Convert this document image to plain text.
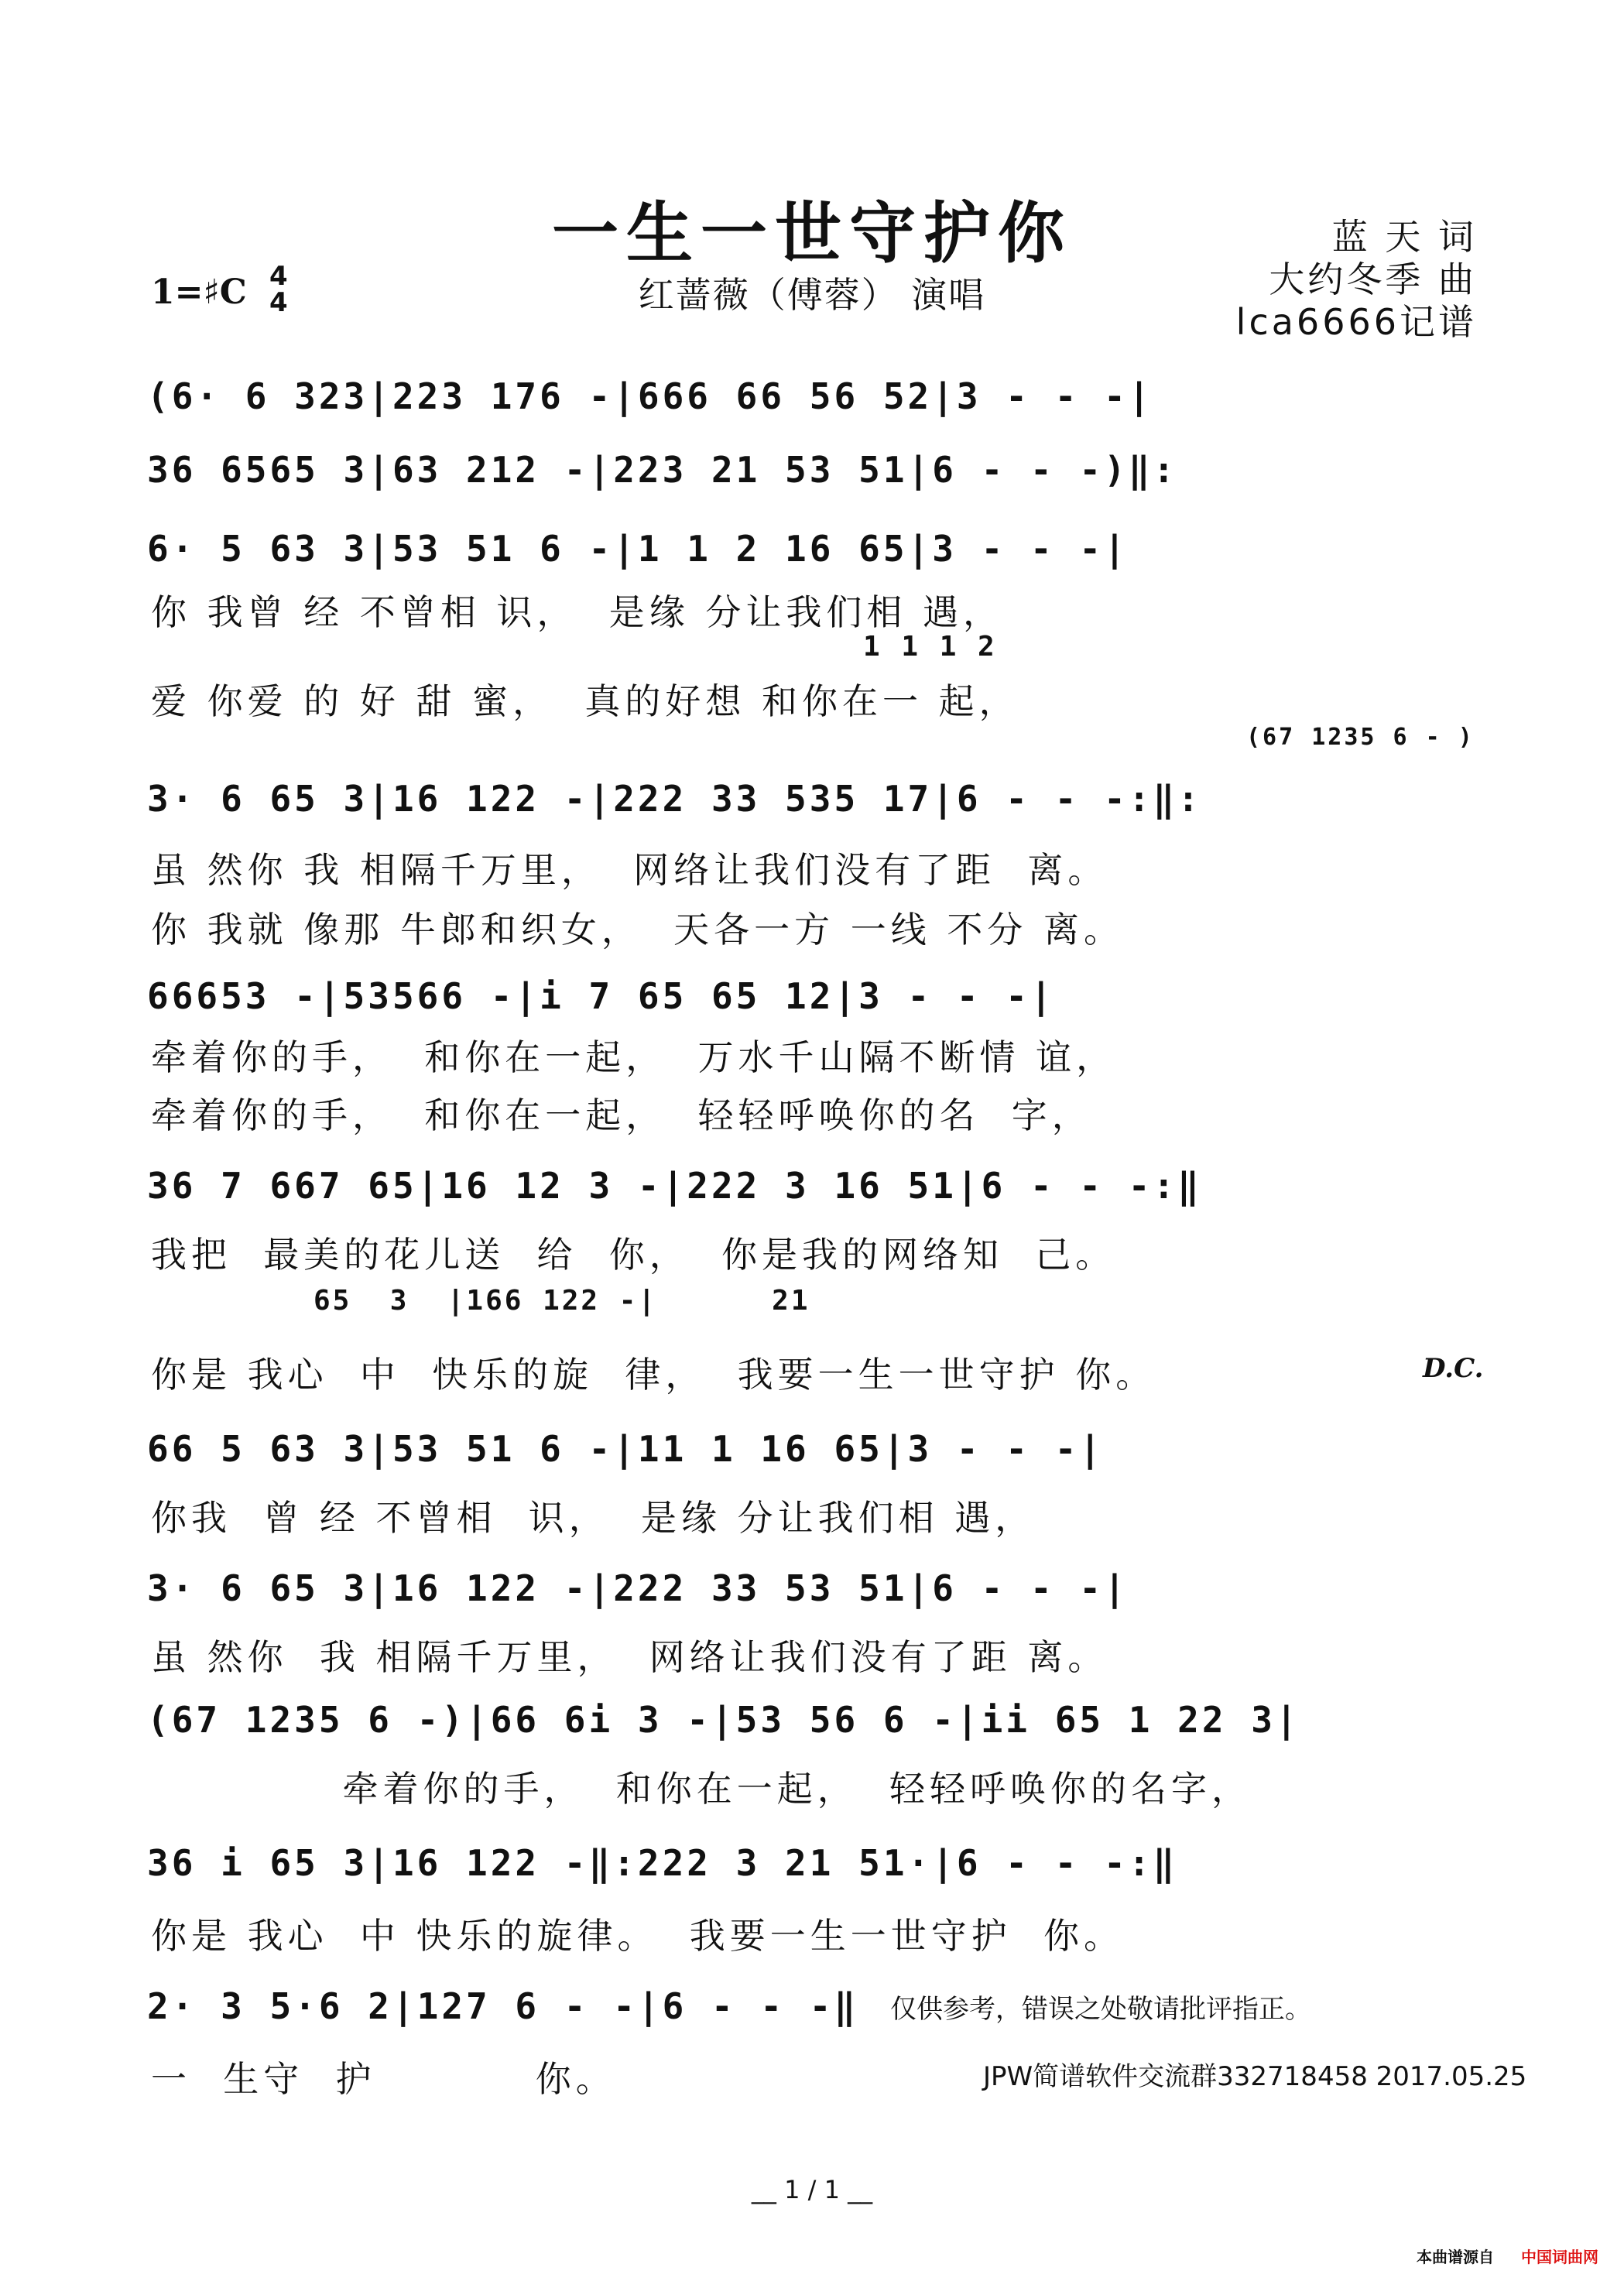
一生一世守护你
红蔷薇（傅蓉） 演唱
蓝 天 词
大约冬季 曲
lca6666记谱
1=♯C 4
4
(6· 6 323|223 176 -|666 66 56 52|3 - - -|
36 6565 3|63 212 -|223 21 53 51|6 - - -)‖:
6· 5 63 3|53 51 6 -|1 1 2 16 65|3 - - -|
你 我曾 经 不曾相 识，  是缘 分让我们相 遇，
1 1 1 2
爱 你爱 的 好 甜 蜜，  真的好想 和你在一 起，
(67 1235 6 - )
3· 6 65 3|16 122 -|222 33 535 17|6 - - -:‖:
虽 然你 我 相隔千万里，  网络让我们没有了距  离。
你 我就 像那 牛郎和织女，  天各一方 一线 不分 离。
66653 -|53566 -|i 7 65 65 12|3 - - -|
牵着你的手，  和你在一起，  万水千山隔不断情 谊，
牵着你的手，  和你在一起，  轻轻呼唤你的名  字，
36 7 667 65|16 12 3 -|222 3 16 51|6 - - -:‖
我把  最美的花儿送  给  你，  你是我的网络知  己。
65  3  |166 122 -|      21
你是 我心  中  快乐的旋  律，  我要一生一世守护 你。	D.C.
66 5 63 3|53 51 6 -|11 1 16 65|3 - - -|
你我  曾 经 不曾相  识，  是缘 分让我们相 遇，
3· 6 65 3|16 122 -|222 33 53 51|6 - - -|
虽 然你  我 相隔千万里，  网络让我们没有了距 离。
(67 1235 6 -)|66 6i 3 -|53 56 6 -|ii 65 1 22 3|
牵着你的手，  和你在一起，  轻轻呼唤你的名字，
36 i 65 3|16 122 -‖:222 3 21 51·|6 - - -:‖
你是 我心  中 快乐的旋律。  我要一生一世守护  你。
2· 3 5·6 2|127 6 - -|6 - - -‖
一  生守  护          你。
仅供参考，错误之处敬请批评指正。
JPW简谱软件交流群332718458 2017.05.25
__ 1 / 1 __
本曲谱源自 中国词曲网
